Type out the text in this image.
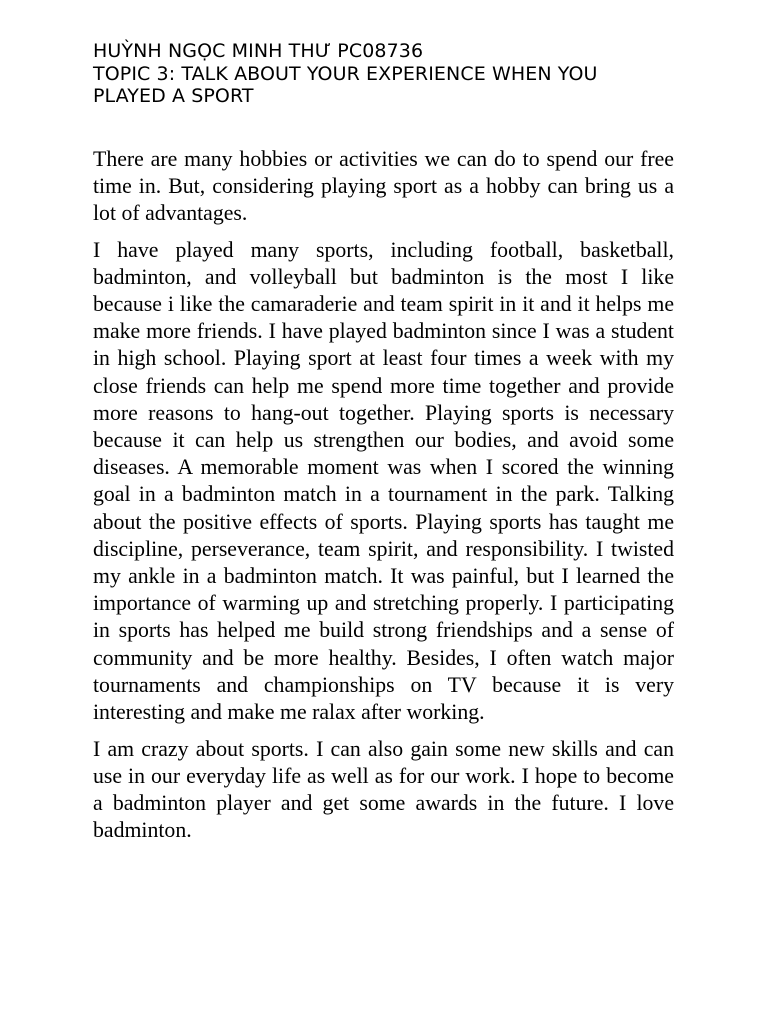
HUỲNH NGỌC MINH THƯ PC08736
TOPIC 3: TALK ABOUT YOUR EXPERIENCE WHEN YOU PLAYED A SPORT

There are many hobbies or activities we can do to spend our free time in. But, considering playing sport as a hobby can bring us a lot of advantages.

I have played many sports, including football, basketball, badminton, and volleyball but badminton is the most I like because i like the camaraderie and team spirit in it and it helps me make more friends. I have played badminton since I was a student in high school. Playing sport at least four times a week with my close friends can help me spend more time together and provide more reasons to hang-out together. Playing sports is necessary because it can help us strengthen our bodies, and avoid some diseases. A memorable moment was when I scored the winning goal in a badminton match in a tournament in the park. Talking about the positive effects of sports. Playing sports has taught me discipline, perseverance, team spirit, and responsibility. I twisted my ankle in a badminton match. It was painful, but I learned the importance of warming up and stretching properly. I participating in sports has helped me build strong friendships and a sense of community and be more healthy. Besides, I often watch major tournaments and championships on TV because it is very interesting and make me ralax after working.

I am crazy about sports. I can also gain some new skills and can use in our everyday life as well as for our work. I hope to become a badminton player and get some awards in the future. I love badminton.
